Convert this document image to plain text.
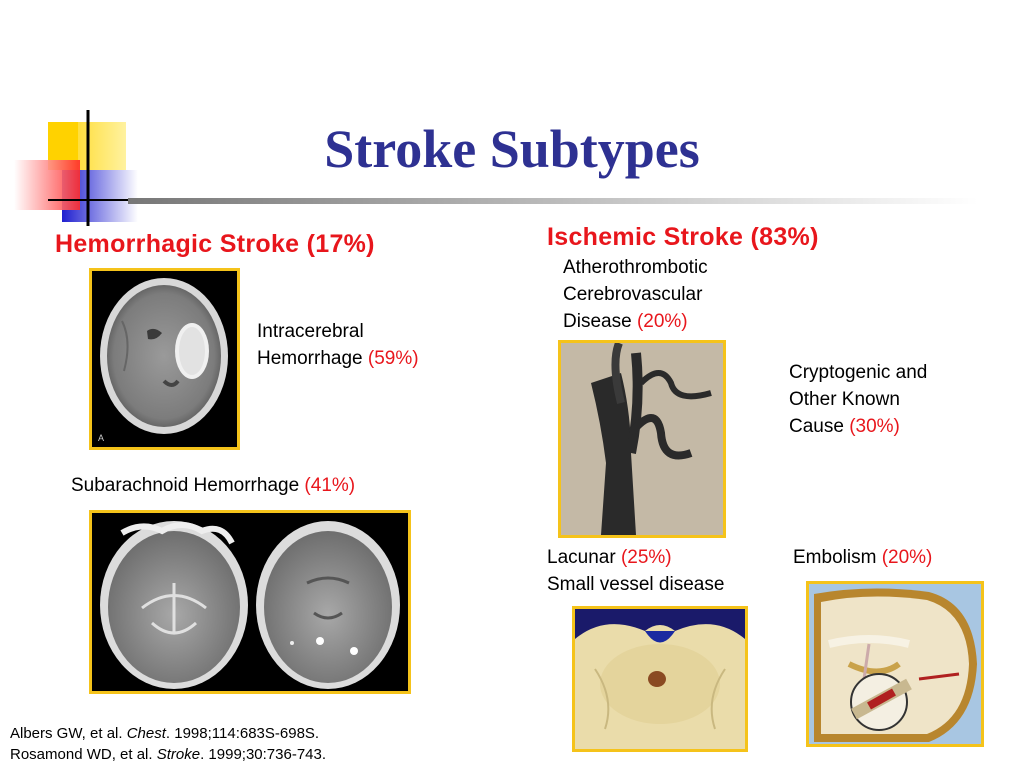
Stroke Subtypes
Hemorrhagic Stroke (17%)
A
Intracerebral
Hemorrhage (59%)
Subarachnoid Hemorrhage (41%)
Ischemic Stroke (83%)
Atherothrombotic
Cerebrovascular
Disease (20%)
Cryptogenic and
Other Known
Cause (30%)
Lacunar (25%)
Small vessel disease
Embolism (20%)
Albers GW, et al. Chest. 1998;114:683S-698S.
Rosamond WD, et al. Stroke. 1999;30:736-743.
